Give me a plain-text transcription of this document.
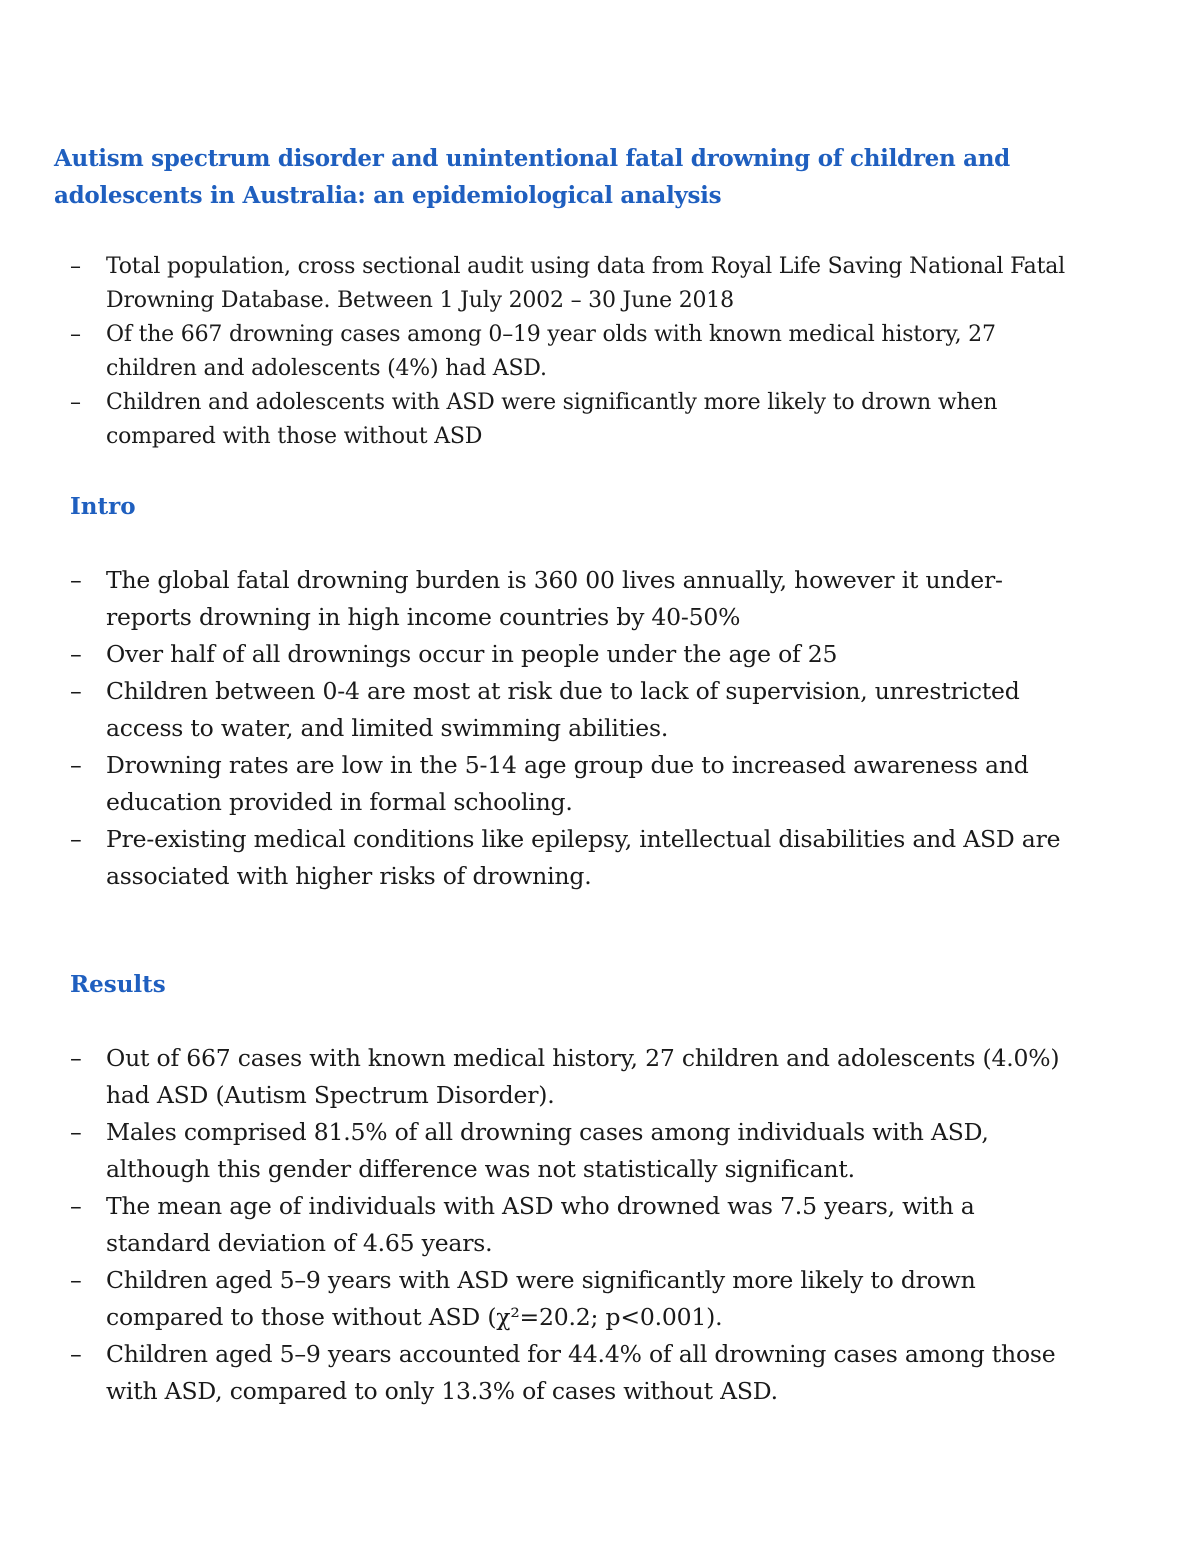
Autism spectrum disorder and unintentional fatal drowning of children and adolescents in Australia: an epidemiological analysis
– Total population, cross sectional audit using data from Royal Life Saving National Fatal Drowning Database. Between 1 July 2002 – 30 June 2018
– Of the 667 drowning cases among 0–19 year olds with known medical history, 27 children and adolescents (4%) had ASD.
– Children and adolescents with ASD were significantly more likely to drown when compared with those without ASD
Intro
– The global fatal drowning burden is 360 00 lives annually, however it under-reports drowning in high income countries by 40-50%
– Over half of all drownings occur in people under the age of 25
– Children between 0-4 are most at risk due to lack of supervision, unrestricted access to water, and limited swimming abilities.
– Drowning rates are low in the 5-14 age group due to increased awareness and education provided in formal schooling.
– Pre-existing medical conditions like epilepsy, intellectual disabilities and ASD are associated with higher risks of drowning.
Results
– Out of 667 cases with known medical history, 27 children and adolescents (4.0%) had ASD (Autism Spectrum Disorder).
– Males comprised 81.5% of all drowning cases among individuals with ASD, although this gender difference was not statistically significant.
– The mean age of individuals with ASD who drowned was 7.5 years, with a standard deviation of 4.65 years.
– Children aged 5–9 years with ASD were significantly more likely to drown compared to those without ASD (χ²=20.2; p<0.001).
– Children aged 5–9 years accounted for 44.4% of all drowning cases among those with ASD, compared to only 13.3% of cases without ASD.
